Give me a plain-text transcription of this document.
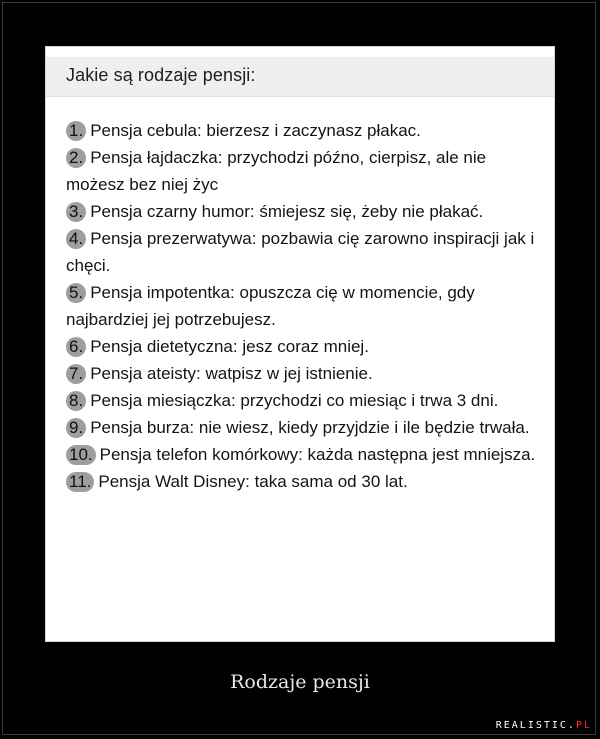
Jakie są rodzaje pensji:

1. Pensja cebula: bierzesz i zaczynasz płakac.

2. Pensja łajdaczka: przychodzi późno, cierpisz, ale nie możesz bez niej życ

3. Pensja czarny humor: śmiejesz się, żeby nie płakać.

4. Pensja prezerwatywa: pozbawia cię zarowno inspiracji jak i chęci.

5. Pensja impotentka: opuszcza cię w momencie, gdy najbardziej jej potrzebujesz.

6. Pensja dietetyczna: jesz coraz mniej.

7. Pensja ateisty: watpisz w jej istnienie.

8. Pensja miesiączka: przychodzi co miesiąc i trwa 3 dni.

9. Pensja burza: nie wiesz, kiedy przyjdzie i ile będzie trwała.

10. Pensja telefon komórkowy: każda następna jest mniejsza.

11. Pensja Walt Disney: taka sama od 30 lat.

Rodzaje pensji
REALISTIC.PL
